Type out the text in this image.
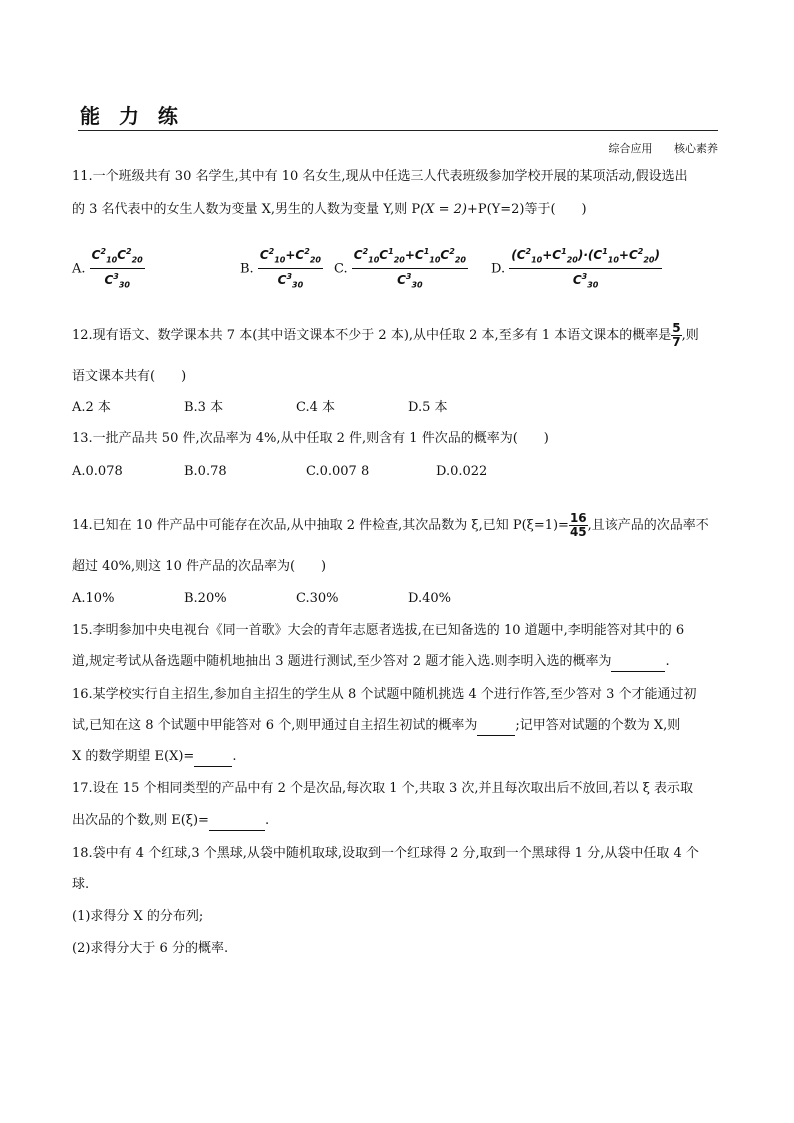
能 力 练
综合应用 核心素养
11.一个班级共有 30 名学生,其中有 10 名女生,现从中任选三人代表班级参加学校开展的某项活动,假设选出
的 3 名代表中的女生人数为变量 X,男生的人数为变量 Y,则 P(X = 2)+P(Y=2)等于(　　)
A. $\frac{C^2_{10}C^2_{20}}{C^3_{30}}$	B. $\frac{C^2_{10}+C^2_{20}}{C^3_{30}} C$. $\frac{C^2_{10}C^1_{20}+C^1_{10}C^2_{20}}{C^3_{30}} D$. $\frac{(C^2_{10}+C^1_{20})\cdot(C^1_{10}+C^2_{20})}{C^3_{30}}$
12.现有语文、数学课本共 7 本(其中语文课本不少于 2 本),从中任取 2 本,至多有 1 本语文课本的概率是 $\frac{5}{7}$ ,则
语文课本共有(　　)
A.2 本	B.3 本	C.4 本	D.5 本
13.一批产品共 50 件,次品率为 4%,从中任取 2 件,则含有 1 件次品的概率为(　　)
A.0.078	B.0.78	C.0.007 8	D.0.022
14.已知在 10 件产品中可能存在次品,从中抽取 2 件检查,其次品数为 ξ,已知 $P(\xi=1)= \frac{16}{45}$ ,且该产品的次品率不
超过 40%,则这 10 件产品的次品率为(　　)
A.10%	B.20%	C.30%	D.40%
15.李明参加中央电视台《同一首歌》大会的青年志愿者选拔,在已知备选的 10 道题中,李明能答对其中的 6
道,规定考试从备选题中随机地抽出 3 题进行测试,至少答对 2 题才能入选.则李明入选的概率为	.
16.某学校实行自主招生,参加自主招生的学生从 8 个试题中随机挑选 4 个进行作答,至少答对 3 个才能通过初
试,已知在这 8 个试题中甲能答对 6 个,则甲通过自主招生初试的概率为	;记甲答对试题的个数为 X,则
X 的数学期望 E(X)=	.
17.设在 15 个相同类型的产品中有 2 个是次品,每次取 1 个,共取 3 次,并且每次取出后不放回,若以 ξ 表示取
出次品的个数,则 E(ξ)=	.
18.袋中有 4 个红球,3 个黑球,从袋中随机取球,设取到一个红球得 2 分,取到一个黑球得 1 分,从袋中任取 4 个
球.
(1)求得分 X 的分布列;
(2)求得分大于 6 分的概率.
